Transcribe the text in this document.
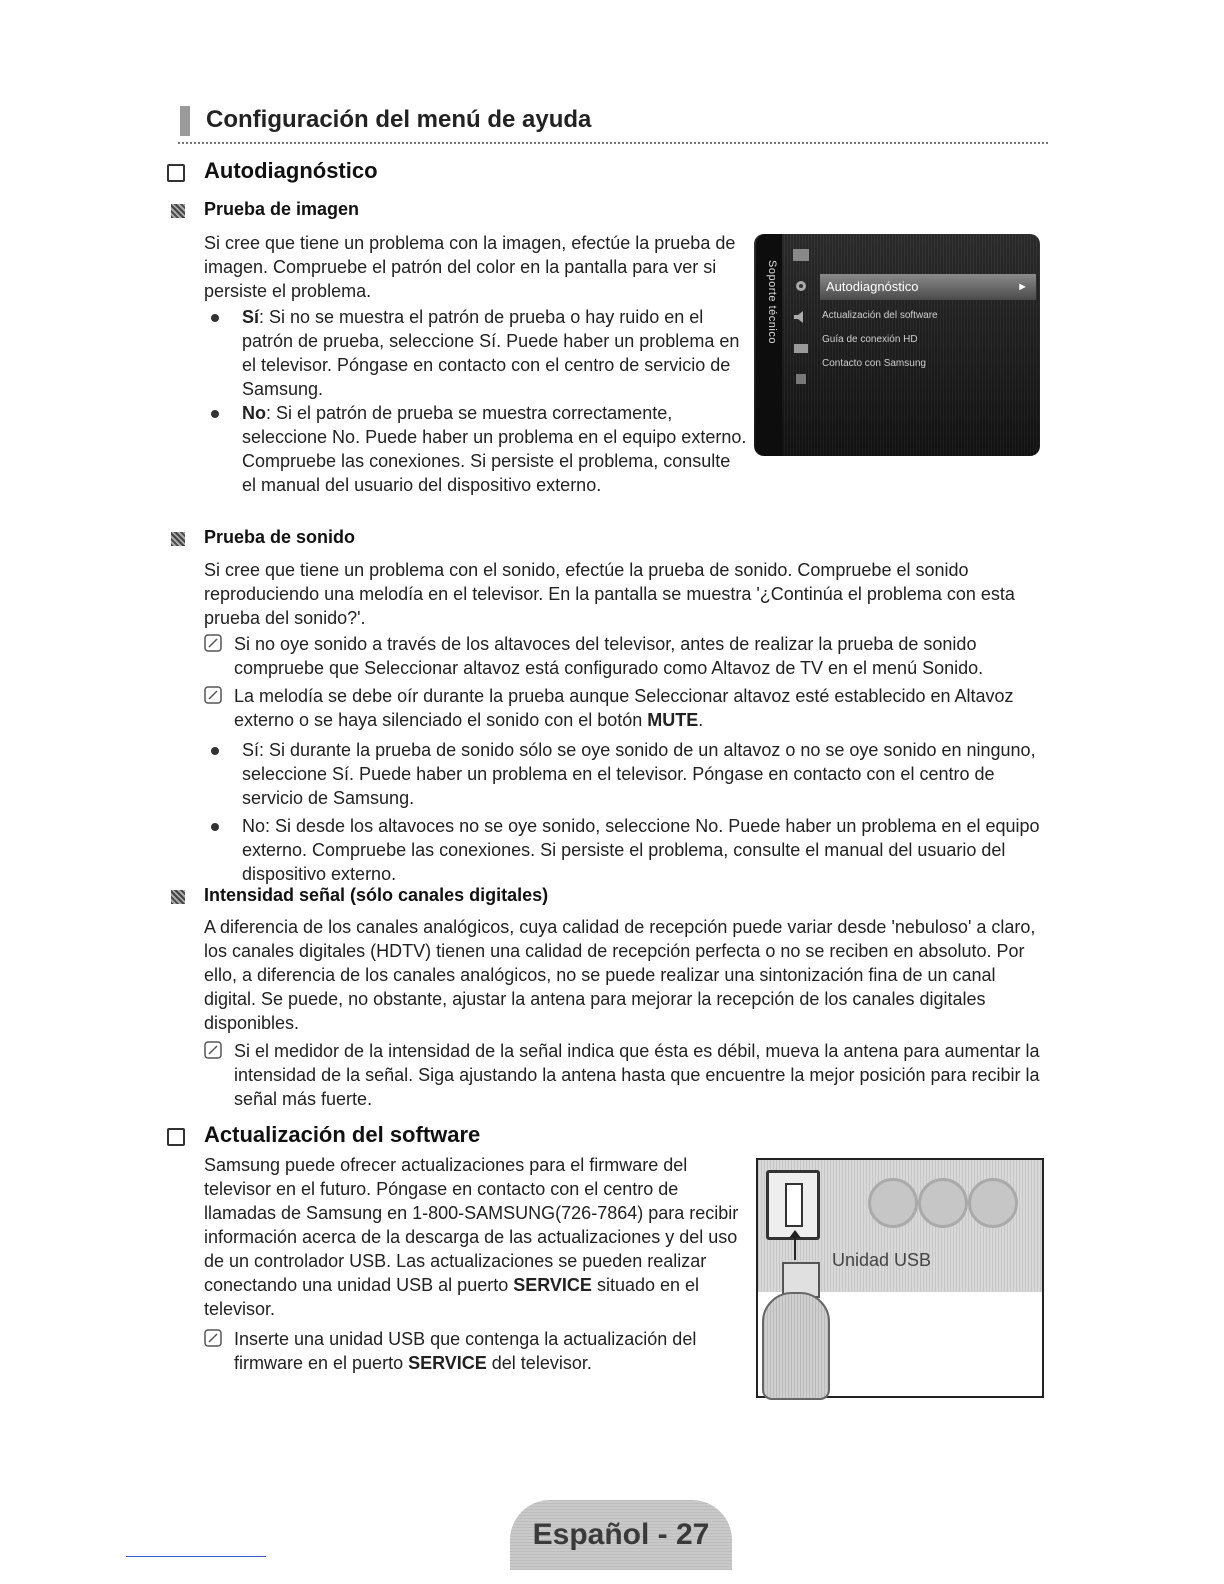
Configuración del menú de ayuda
Autodiagnóstico
Prueba de imagen
Si cree que tiene un problema con la imagen, efectúe la prueba de imagen. Compruebe el patrón del color en la pantalla para ver si persiste el problema.
Sí: Si no se muestra el patrón de prueba o hay ruido en el patrón de prueba, seleccione Sí. Puede haber un problema en el televisor. Póngase en contacto con el centro de servicio de Samsung.
No: Si el patrón de prueba se muestra correctamente, seleccione No. Puede haber un problema en el equipo externo. Compruebe las conexiones. Si persiste el problema, consulte el manual del usuario del dispositivo externo.
Soporte técnico
	Autodiagnóstico	►
Actualización del software
Guía de conexión HD
Contacto con Samsung
Prueba de sonido
Si cree que tiene un problema con el sonido, efectúe la prueba de sonido. Compruebe el sonido reproduciendo una melodía en el televisor. En la pantalla se muestra '¿Continúa el problema con esta prueba del sonido?'.
Si no oye sonido a través de los altavoces del televisor, antes de realizar la prueba de sonido compruebe que Seleccionar altavoz está configurado como Altavoz de TV en el menú Sonido.
La melodía se debe oír durante la prueba aunque Seleccionar altavoz esté establecido en Altavoz externo o se haya silenciado el sonido con el botón MUTE.
Sí: Si durante la prueba de sonido sólo se oye sonido de un altavoz o no se oye sonido en ninguno, seleccione Sí. Puede haber un problema en el televisor. Póngase en contacto con el centro de servicio de Samsung.
No: Si desde los altavoces no se oye sonido, seleccione No. Puede haber un problema en el equipo externo. Compruebe las conexiones. Si persiste el problema, consulte el manual del usuario del dispositivo externo.
Intensidad señal (sólo canales digitales)
A diferencia de los canales analógicos, cuya calidad de recepción puede variar desde 'nebuloso' a claro, los canales digitales (HDTV) tienen una calidad de recepción perfecta o no se reciben en absoluto. Por ello, a diferencia de los canales analógicos, no se puede realizar una sintonización fina de un canal digital. Se puede, no obstante, ajustar la antena para mejorar la recepción de los canales digitales disponibles.
Si el medidor de la intensidad de la señal indica que ésta es débil, mueva la antena para aumentar la intensidad de la señal. Siga ajustando la antena hasta que encuentre la mejor posición para recibir la señal más fuerte.
Actualización del software
Samsung puede ofrecer actualizaciones para el firmware del televisor en el futuro. Póngase en contacto con el centro de llamadas de Samsung en 1-800-SAMSUNG(726-7864) para recibir información acerca de la descarga de las actualizaciones y del uso de un controlador USB. Las actualizaciones se pueden realizar conectando una unidad USB al puerto SERVICE situado en el televisor.
Inserte una unidad USB que contenga la actualización del firmware en el puerto SERVICE del televisor.
Unidad USB
Español - 27
